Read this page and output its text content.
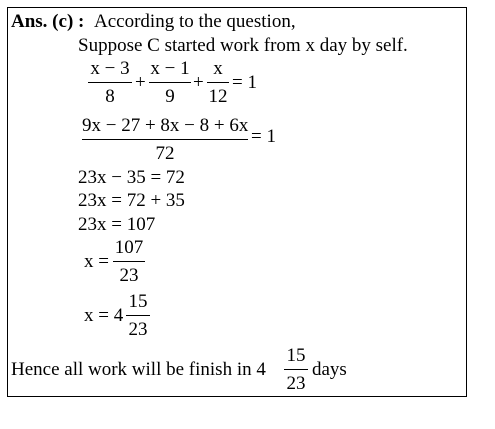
Ans. (c) : According to the question,
Suppose C started work from x day by self.
x − 3
8
+
x − 1
9
+
x
12
= 1
9x − 27 + 8x − 8 + 6x
72
= 1
23x − 35 = 72
23x = 72 + 35
23x = 107
x =
107
23
x = 4
15
23
Hence all work will be finish in 4
15
23
days
